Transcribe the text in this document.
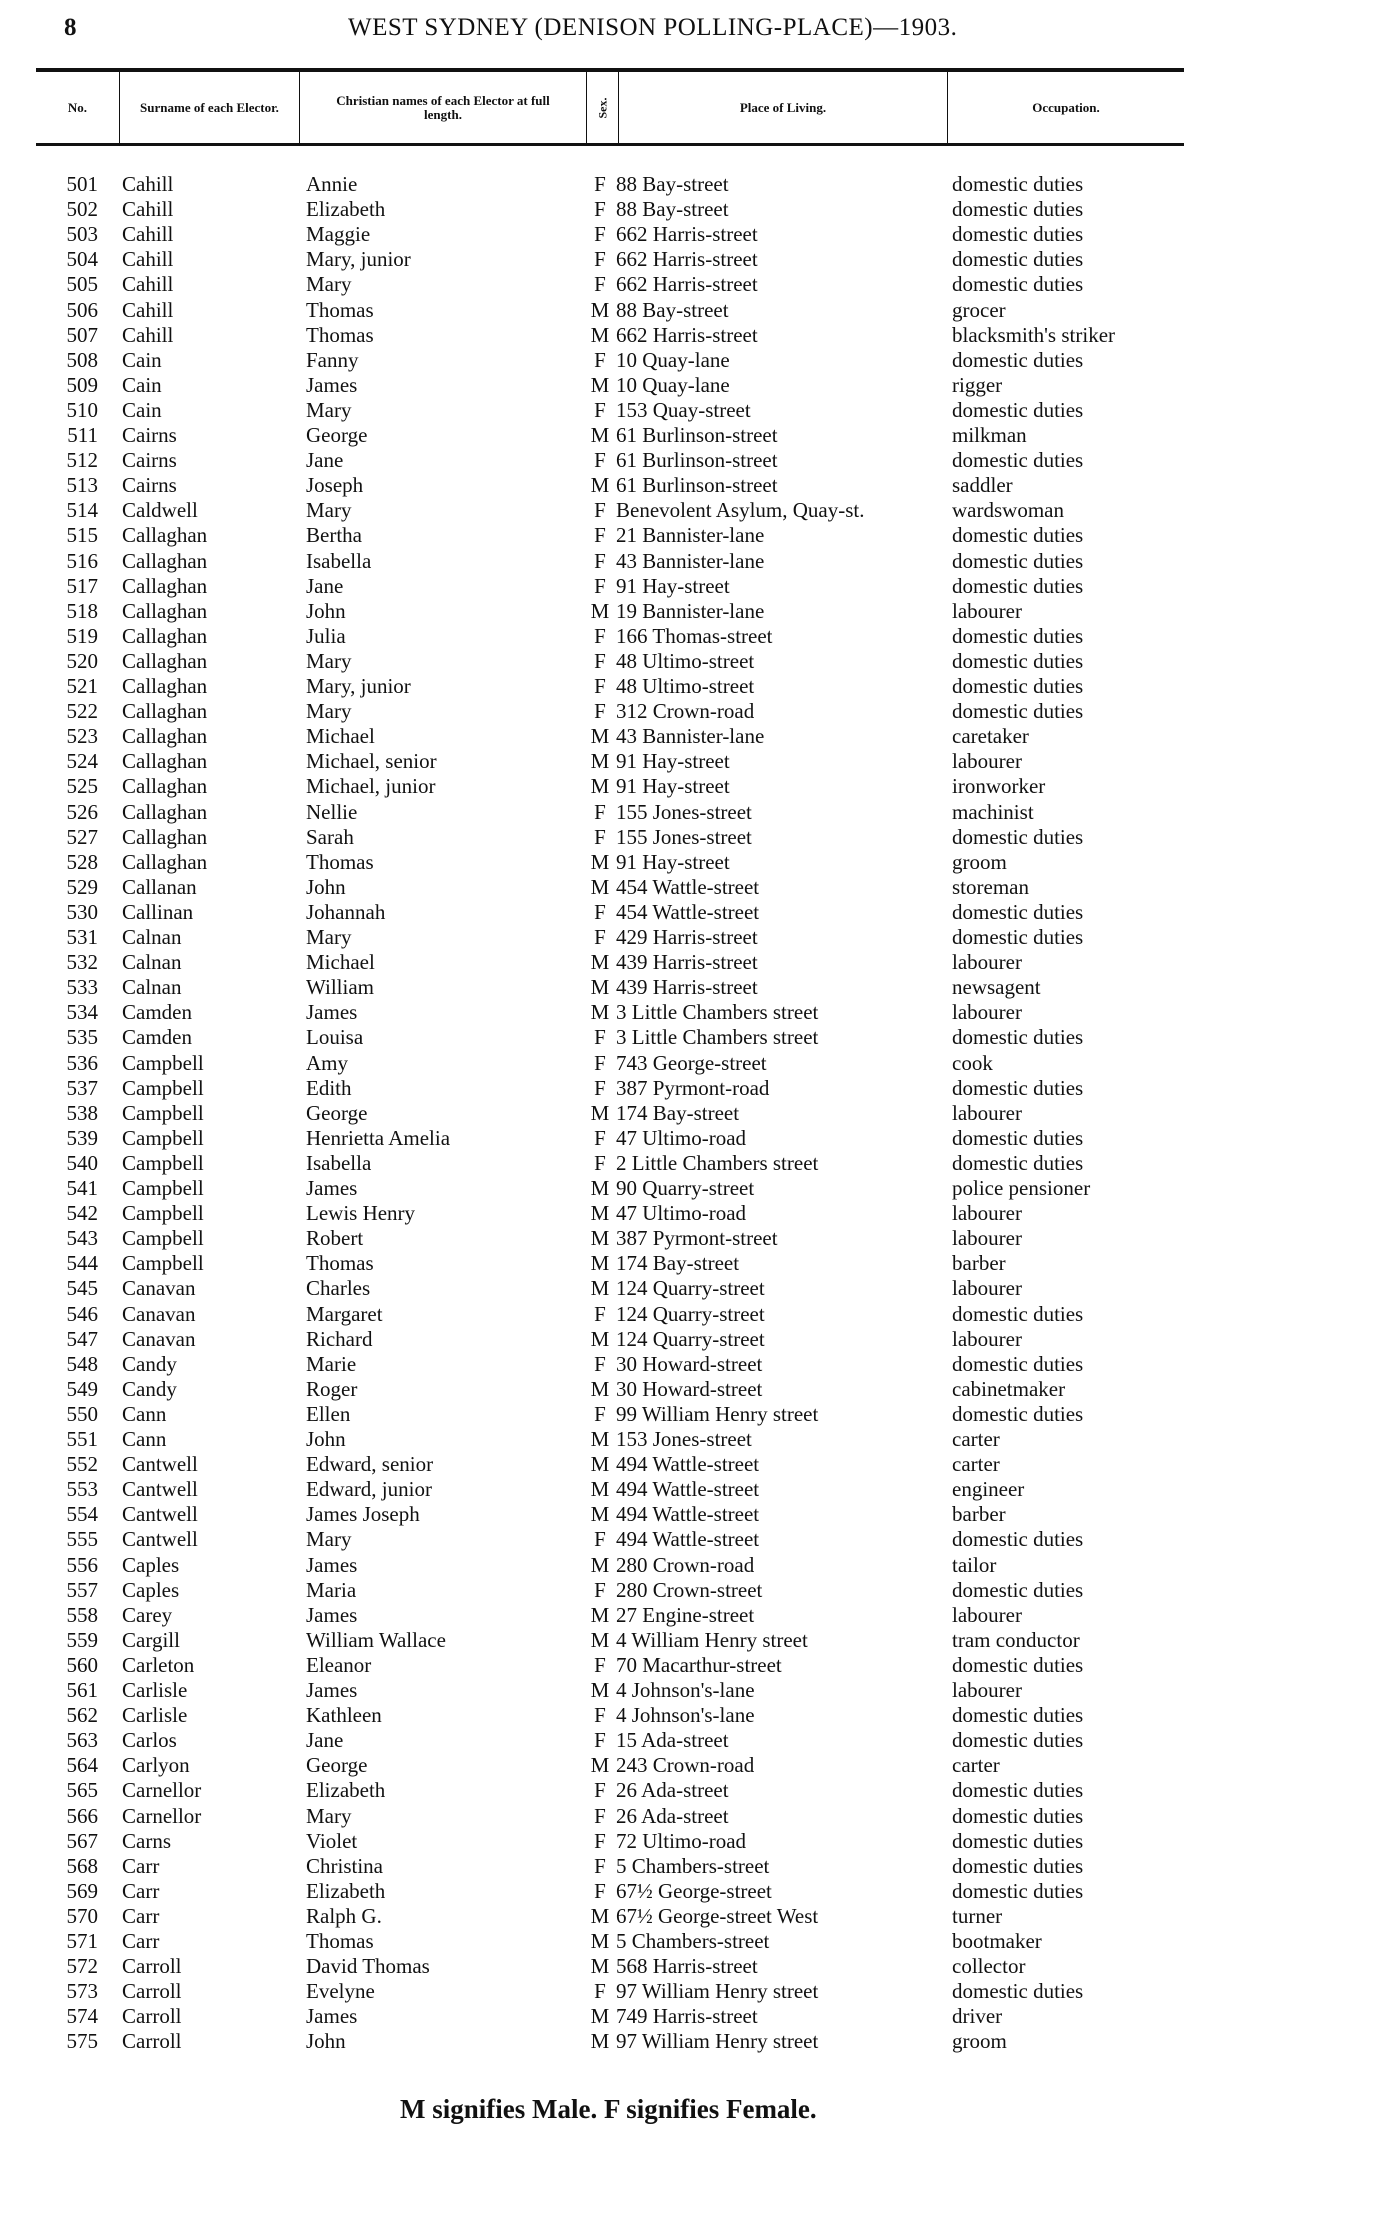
8	WEST SYDNEY (DENISON POLLING-PLACE)—1903.
No.	Surname of each Elector.	Christian names of each Elector at full length.	Sex.	Place of Living.	Occupation.
501 Cahill	Annie	F 88 Bay-street	domestic duties
502 Cahill	Elizabeth	F 88 Bay-street	domestic duties
503 Cahill	Maggie	F 662 Harris-street	domestic duties
504 Cahill	Mary, junior	F 662 Harris-street	domestic duties
505 Cahill	Mary	F 662 Harris-street	domestic duties
506 Cahill	Thomas	M 88 Bay-street	grocer
507 Cahill	Thomas	M 662 Harris-street	blacksmith's striker
508 Cain	Fanny	F 10 Quay-lane	domestic duties
509 Cain	James	M 10 Quay-lane	rigger
510 Cain	Mary	F 153 Quay-street	domestic duties
511 Cairns	George	M 61 Burlinson-street	milkman
512 Cairns	Jane	F 61 Burlinson-street	domestic duties
513 Cairns	Joseph	M 61 Burlinson-street	saddler
514 Caldwell	Mary	F Benevolent Asylum, Quay-st.	wardswoman
515 Callaghan	Bertha	F 21 Bannister-lane	domestic duties
516 Callaghan	Isabella	F 43 Bannister-lane	domestic duties
517 Callaghan	Jane	F 91 Hay-street	domestic duties
518 Callaghan	John	M 19 Bannister-lane	labourer
519 Callaghan	Julia	F 166 Thomas-street	domestic duties
520 Callaghan	Mary	F 48 Ultimo-street	domestic duties
521 Callaghan	Mary, junior	F 48 Ultimo-street	domestic duties
522 Callaghan	Mary	F 312 Crown-road	domestic duties
523 Callaghan	Michael	M 43 Bannister-lane	caretaker
524 Callaghan	Michael, senior	M 91 Hay-street	labourer
525 Callaghan	Michael, junior	M 91 Hay-street	ironworker
526 Callaghan	Nellie	F 155 Jones-street	machinist
527 Callaghan	Sarah	F 155 Jones-street	domestic duties
528 Callaghan	Thomas	M 91 Hay-street	groom
529 Callanan	John	M 454 Wattle-street	storeman
530 Callinan	Johannah	F 454 Wattle-street	domestic duties
531 Calnan	Mary	F 429 Harris-street	domestic duties
532 Calnan	Michael	M 439 Harris-street	labourer
533 Calnan	William	M 439 Harris-street	newsagent
534 Camden	James	M 3 Little Chambers street	labourer
535 Camden	Louisa	F 3 Little Chambers street	domestic duties
536 Campbell	Amy	F 743 George-street	cook
537 Campbell	Edith	F 387 Pyrmont-road	domestic duties
538 Campbell	George	M 174 Bay-street	labourer
539 Campbell	Henrietta Amelia	F 47 Ultimo-road	domestic duties
540 Campbell	Isabella	F 2 Little Chambers street	domestic duties
541 Campbell	James	M 90 Quarry-street	police pensioner
542 Campbell	Lewis Henry	M 47 Ultimo-road	labourer
543 Campbell	Robert	M 387 Pyrmont-street	labourer
544 Campbell	Thomas	M 174 Bay-street	barber
545 Canavan	Charles	M 124 Quarry-street	labourer
546 Canavan	Margaret	F 124 Quarry-street	domestic duties
547 Canavan	Richard	M 124 Quarry-street	labourer
548 Candy	Marie	F 30 Howard-street	domestic duties
549 Candy	Roger	M 30 Howard-street	cabinetmaker
550 Cann	Ellen	F 99 William Henry street	domestic duties
551 Cann	John	M 153 Jones-street	carter
552 Cantwell	Edward, senior	M 494 Wattle-street	carter
553 Cantwell	Edward, junior	M 494 Wattle-street	engineer
554 Cantwell	James Joseph	M 494 Wattle-street	barber
555 Cantwell	Mary	F 494 Wattle-street	domestic duties
556 Caples	James	M 280 Crown-road	tailor
557 Caples	Maria	F 280 Crown-street	domestic duties
558 Carey	James	M 27 Engine-street	labourer
559 Cargill	William Wallace	M 4 William Henry street	tram conductor
560 Carleton	Eleanor	F 70 Macarthur-street	domestic duties
561 Carlisle	James	M 4 Johnson's-lane	labourer
562 Carlisle	Kathleen	F 4 Johnson's-lane	domestic duties
563 Carlos	Jane	F 15 Ada-street	domestic duties
564 Carlyon	George	M 243 Crown-road	carter
565 Carnellor	Elizabeth	F 26 Ada-street	domestic duties
566 Carnellor	Mary	F 26 Ada-street	domestic duties
567 Carns	Violet	F 72 Ultimo-road	domestic duties
568 Carr	Christina	F 5 Chambers-street	domestic duties
569 Carr	Elizabeth	F 67½ George-street	domestic duties
570 Carr	Ralph G.	M 67½ George-street West	turner
571 Carr	Thomas	M 5 Chambers-street	bootmaker
572 Carroll	David Thomas	M 568 Harris-street	collector
573 Carroll	Evelyne	F 97 William Henry street	domestic duties
574 Carroll	James	M 749 Harris-street	driver
575 Carroll	John	M 97 William Henry street	groom
M signifies Male. F signifies Female.
